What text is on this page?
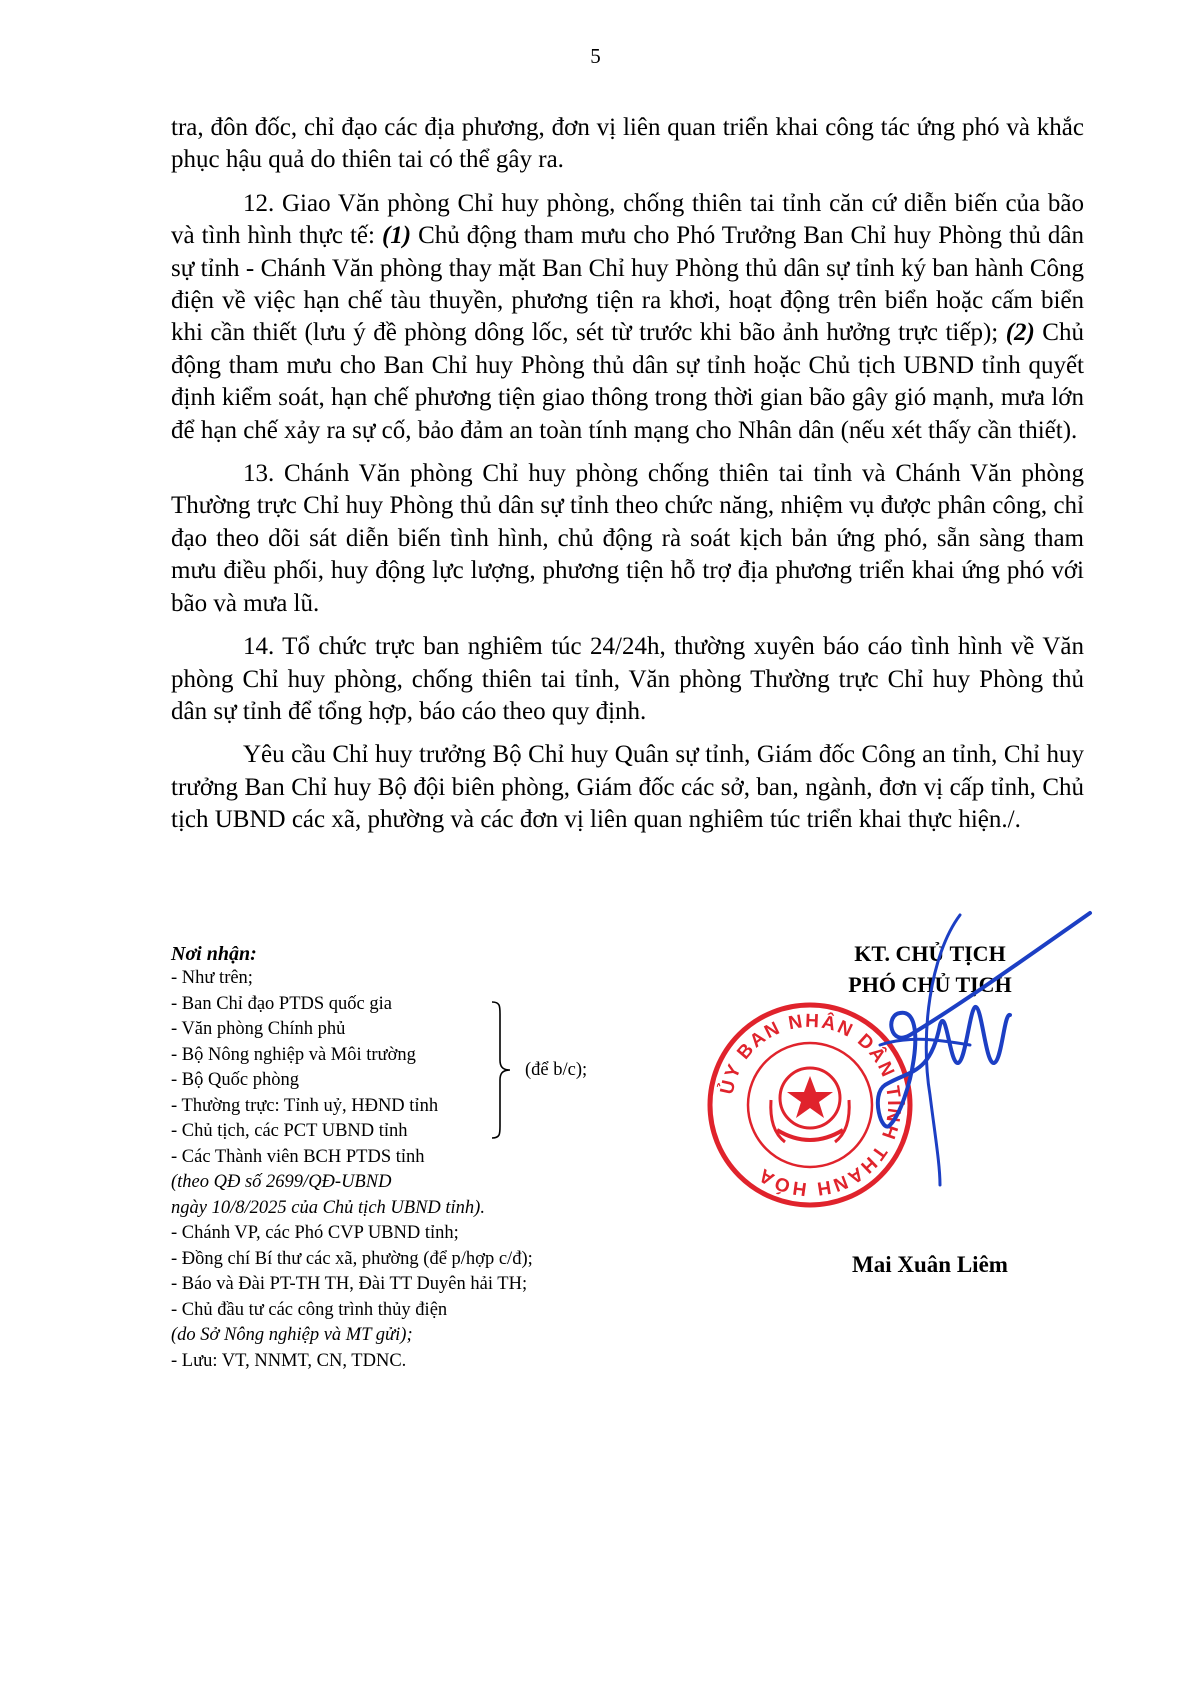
5

tra, đôn đốc, chỉ đạo các địa phương, đơn vị liên quan triển khai công tác ứng phó và khắc phục hậu quả do thiên tai có thể gây ra.

12. Giao Văn phòng Chỉ huy phòng, chống thiên tai tỉnh căn cứ diễn biến của bão và tình hình thực tế: (1) Chủ động tham mưu cho Phó Trưởng Ban Chỉ huy Phòng thủ dân sự tỉnh - Chánh Văn phòng thay mặt Ban Chỉ huy Phòng thủ dân sự tỉnh ký ban hành Công điện về việc hạn chế tàu thuyền, phương tiện ra khơi, hoạt động trên biển hoặc cấm biển khi cần thiết (lưu ý đề phòng dông lốc, sét từ trước khi bão ảnh hưởng trực tiếp); (2) Chủ động tham mưu cho Ban Chỉ huy Phòng thủ dân sự tỉnh hoặc Chủ tịch UBND tỉnh quyết định kiểm soát, hạn chế phương tiện giao thông trong thời gian bão gây gió mạnh, mưa lớn để hạn chế xảy ra sự cố, bảo đảm an toàn tính mạng cho Nhân dân (nếu xét thấy cần thiết).

13. Chánh Văn phòng Chỉ huy phòng chống thiên tai tỉnh và Chánh Văn phòng Thường trực Chỉ huy Phòng thủ dân sự tỉnh theo chức năng, nhiệm vụ được phân công, chỉ đạo theo dõi sát diễn biến tình hình, chủ động rà soát kịch bản ứng phó, sẵn sàng tham mưu điều phối, huy động lực lượng, phương tiện hỗ trợ địa phương triển khai ứng phó với bão và mưa lũ.

14. Tổ chức trực ban nghiêm túc 24/24h, thường xuyên báo cáo tình hình về Văn phòng Chỉ huy phòng, chống thiên tai tỉnh, Văn phòng Thường trực Chỉ huy Phòng thủ dân sự tỉnh để tổng hợp, báo cáo theo quy định.

Yêu cầu Chỉ huy trưởng Bộ Chỉ huy Quân sự tỉnh, Giám đốc Công an tỉnh, Chỉ huy trưởng Ban Chỉ huy Bộ đội biên phòng, Giám đốc các sở, ban, ngành, đơn vị cấp tỉnh, Chủ tịch UBND các xã, phường và các đơn vị liên quan nghiêm túc triển khai thực hiện./.

Nơi nhận:
- Như trên;
- Ban Chỉ đạo PTDS quốc gia
- Văn phòng Chính phủ
- Bộ Nông nghiệp và Môi trường
- Bộ Quốc phòng
- Thường trực: Tỉnh uỷ, HĐND tỉnh
- Chủ tịch, các PCT UBND tỉnh
- Các Thành viên BCH PTDS tỉnh
(theo QĐ số 2699/QĐ-UBND
ngày 10/8/2025 của Chủ tịch UBND tỉnh).
- Chánh VP, các Phó CVP UBND tỉnh;
- Đồng chí Bí thư các xã, phường (để p/hợp c/đ);
- Báo và Đài PT-TH TH, Đài TT Duyên hải TH;
- Chủ đầu tư các công trình thủy điện
(do Sở Nông nghiệp và MT gửi);
- Lưu: VT, NNMT, CN, TDNC.
(để b/c);
KT. CHỦ TỊCH
PHÓ CHỦ TỊCH
ỦY BAN NHÂN DÂN TỈNH THANH HÓA
Mai Xuân Liêm
